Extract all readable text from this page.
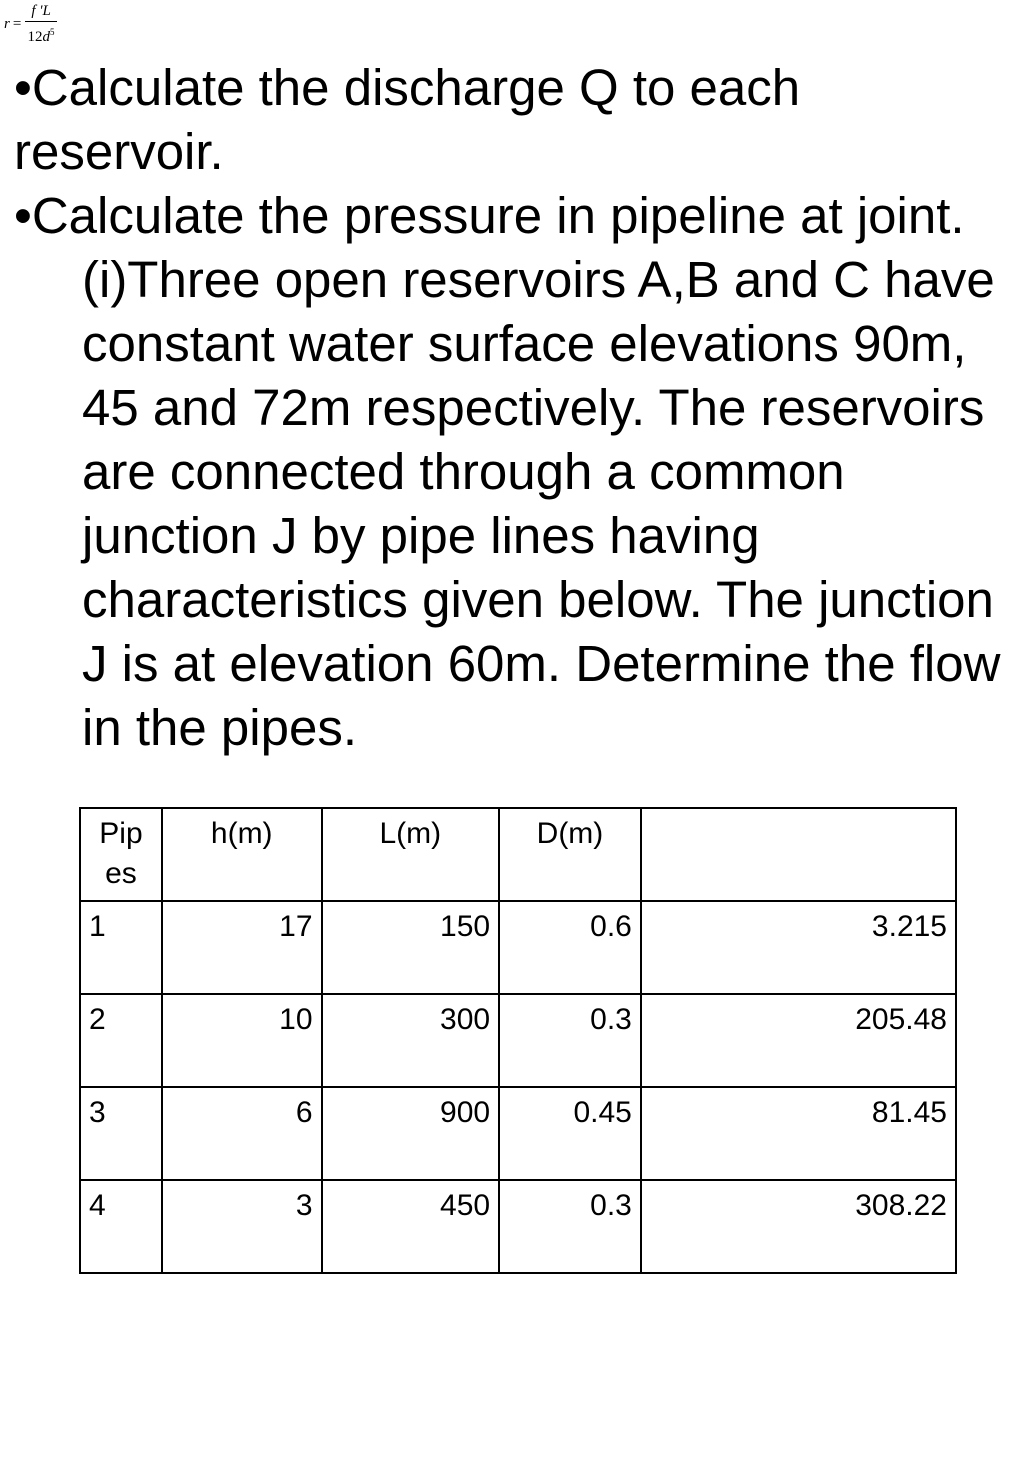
$r = \frac{f 'L}{12d^5}$

•Calculate the discharge Q to each reservoir.

•Calculate the pressure in pipeline at joint.

(i)Three open reservoirs A,B and C have constant water surface elevations 90m, 45 and 72m respectively. The reservoirs are connected through a common junction J by pipe lines having characteristics given below. The junction J is at elevation 60m. Determine the flow in the pipes.

Pip
es	h(m)	L(m)	D(m)	
1	17	150	0.6	3.215
2	10	300	0.3	205.48
3	6	900	0.45	81.45
4	3	450	0.3	308.22
